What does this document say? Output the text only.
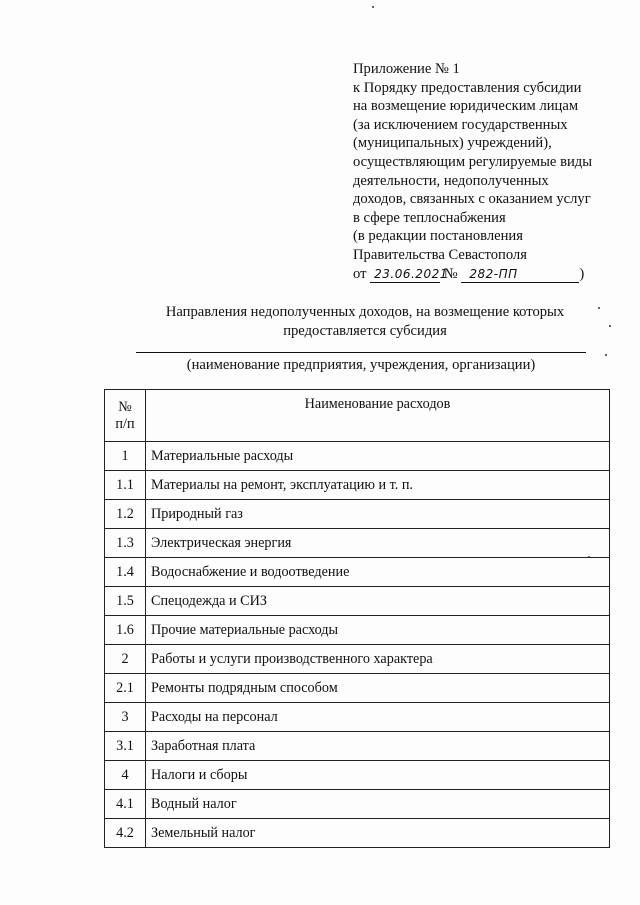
Приложение № 1
к Порядку предоставления субсидии
на возмещение юридическим лицам
(за исключением государственных
(муниципальных) учреждений),
осуществляющим регулируемые виды
деятельности, недополученных
доходов, связанных с оказанием услуг
в сфере теплоснабжения
(в редакции постановления
Правительства Севастополя
от 23.06.2021 № 282-ПП	)
Направления недополученных доходов, на возмещение которых
предоставляется субсидия
(наименование предприятия, учреждения, организации)
№
п/п	Наименование расходов
1	Материальные расходы
1.1	Материалы на ремонт, эксплуатацию и т. п.
1.2	Природный газ
1.3	Электрическая энергия
1.4	Водоснабжение и водоотведение
1.5	Спецодежда и СИЗ
1.6	Прочие материальные расходы
2	Работы и услуги производственного характера
2.1	Ремонты подрядным способом
3	Расходы на персонал
3.1	Заработная плата
4	Налоги и сборы
4.1	Водный налог
4.2	Земельный налог
